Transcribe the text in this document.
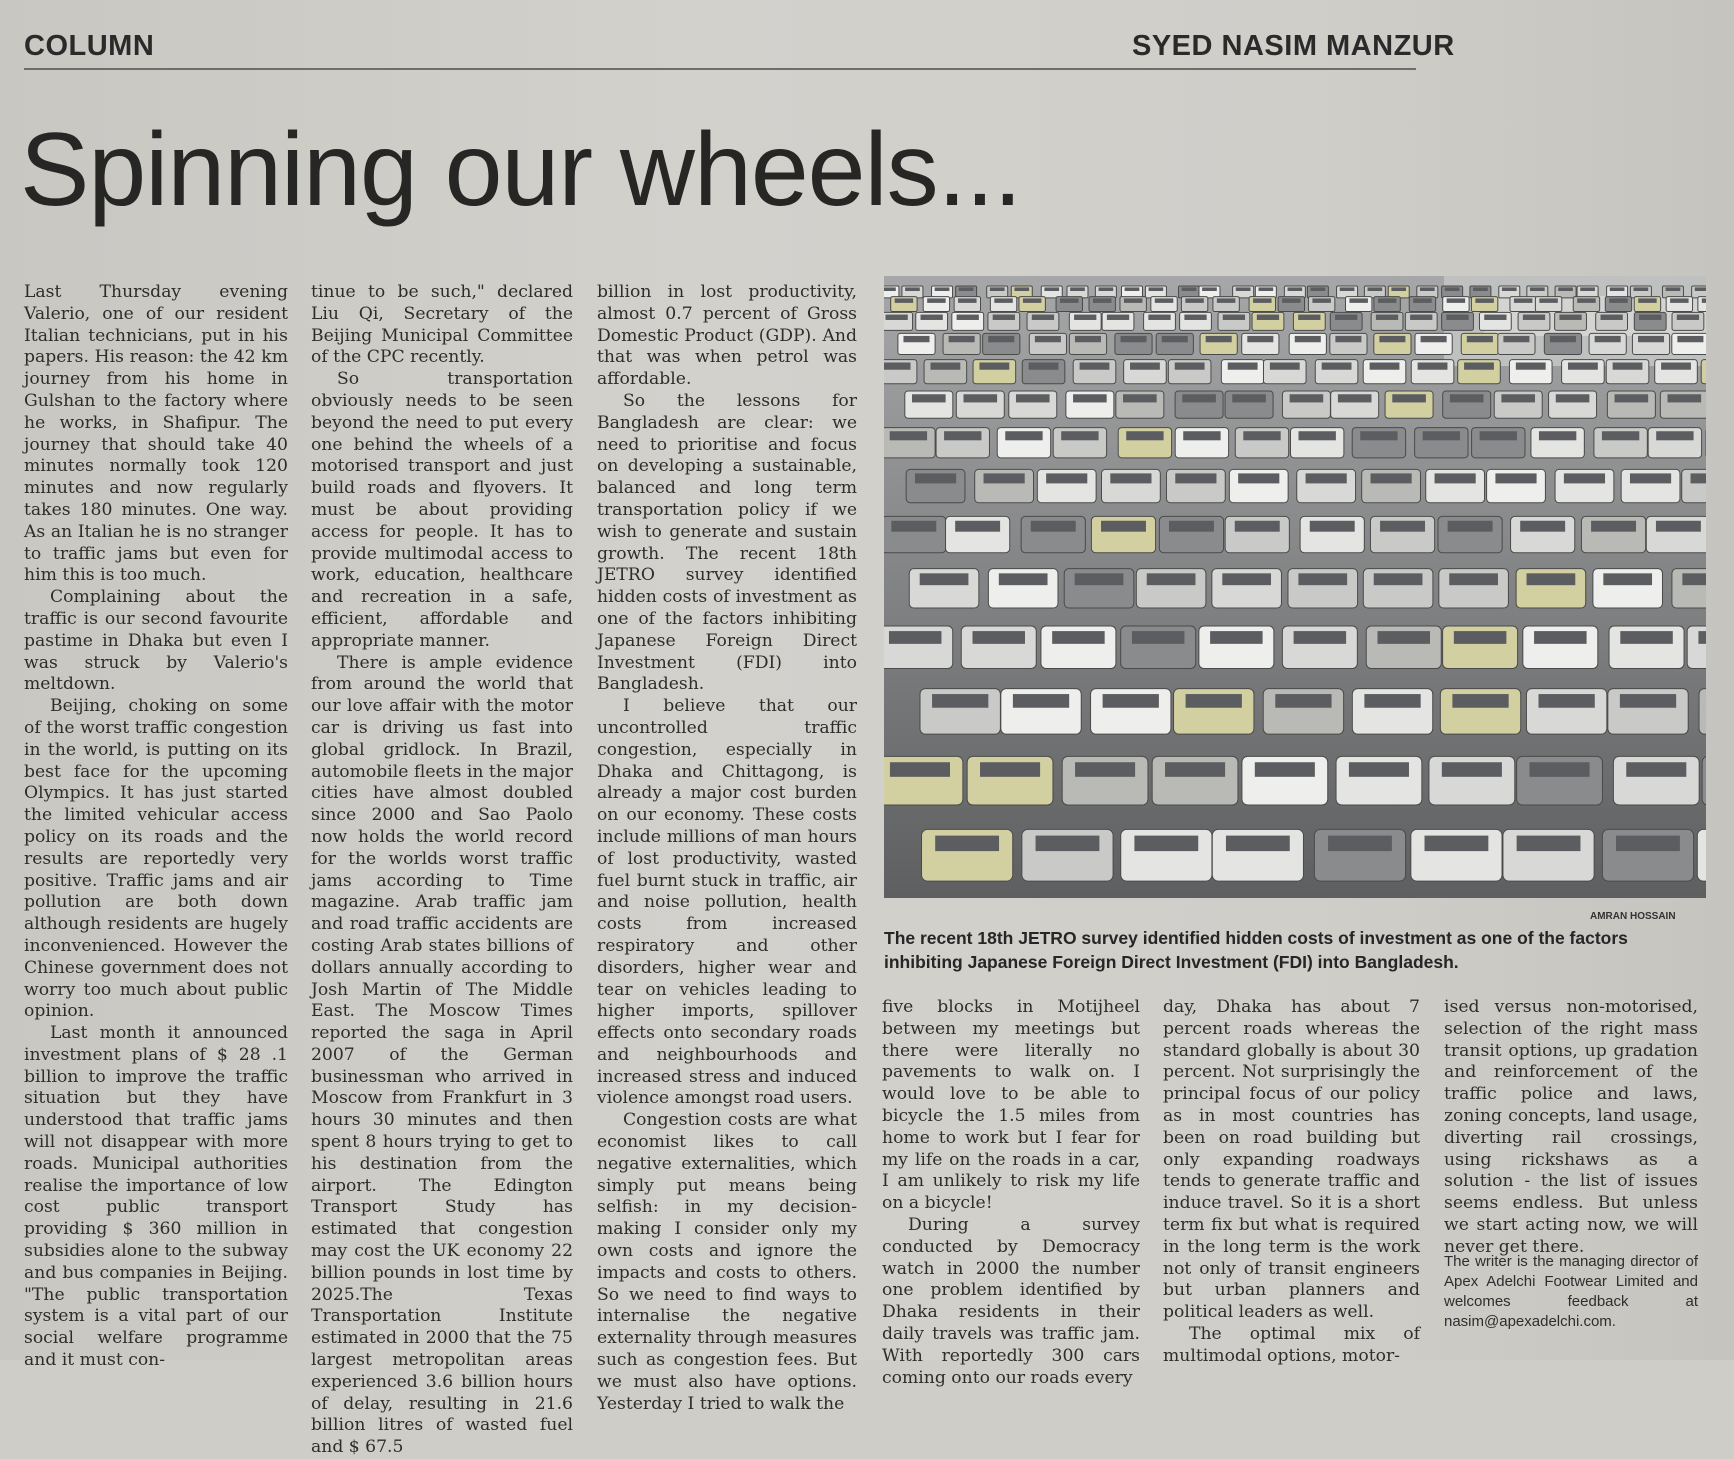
COLUMN	SYED NASIM MANZUR
Spinning our wheels...

Last Thursday evening Valerio, one of our resident Italian technicians, put in his papers. His reason: the 42 km journey from his home in Gulshan to the factory where he works, in Shafipur. The journey that should take 40 minutes normally took 120 minutes and now regularly takes 180 minutes. One way. As an Italian he is no stranger to traffic jams but even for him this is too much.

Complaining about the traffic is our second favourite pastime in Dhaka but even I was struck by Valerio's meltdown.

Beijing, choking on some of the worst traffic congestion in the world, is putting on its best face for the upcoming Olympics. It has just started the limited vehicular access policy on its roads and the results are reportedly very positive. Traffic jams and air pollution are both down although residents are hugely inconvenienced. However the Chinese government does not worry too much about public opinion.

Last month it announced investment plans of $ 28 .1 billion to improve the traffic situation but they have understood that traffic jams will not disappear with more roads. Municipal authorities realise the importance of low cost public transport providing $ 360 million in subsidies alone to the subway and bus companies in Beijing. "The public transportation system is a vital part of our social welfare programme and it must con-

tinue to be such," declared Liu Qi, Secretary of the Beijing Municipal Committee of the CPC recently.

So transportation obviously needs to be seen beyond the need to put every one behind the wheels of a motorised transport and just build roads and flyovers. It must be about providing access for people. It has to provide multimodal access to work, education, healthcare and recreation in a safe, efficient, affordable and appropriate manner.

There is ample evidence from around the world that our love affair with the motor car is driving us fast into global gridlock. In Brazil, automobile fleets in the major cities have almost doubled since 2000 and Sao Paolo now holds the world record for the worlds worst traffic jams according to Time magazine. Arab traffic jam and road traffic accidents are costing Arab states billions of dollars annually according to Josh Martin of The Middle East. The Moscow Times reported the saga in April 2007 of the German businessman who arrived in Moscow from Frankfurt in 3 hours 30 minutes and then spent 8 hours trying to get to his destination from the airport. The Edington Transport Study has estimated that congestion may cost the UK economy 22 billion pounds in lost time by 2025.The Texas Transportation Institute estimated in 2000 that the 75 largest metropolitan areas experienced 3.6 billion hours of delay, resulting in 21.6 billion litres of wasted fuel and $ 67.5

billion in lost productivity, almost 0.7 percent of Gross Domestic Product (GDP). And that was when petrol was affordable.

So the lessons for Bangladesh are clear: we need to prioritise and focus on developing a sustainable, balanced and long term transportation policy if we wish to generate and sustain growth. The recent 18th JETRO survey identified hidden costs of investment as one of the factors inhibiting Japanese Foreign Direct Investment (FDI) into Bangladesh.

I believe that our uncontrolled traffic congestion, especially in Dhaka and Chittagong, is already a major cost burden on our economy. These costs include millions of man hours of lost productivity, wasted fuel burnt stuck in traffic, air and noise pollution, health costs from increased respiratory and other disorders, higher wear and tear on vehicles leading to higher imports, spillover effects onto secondary roads and neighbourhoods and increased stress and induced violence amongst road users.

Congestion costs are what economist likes to call negative externalities, which simply put means being selfish: in my decision-making I consider only my own costs and ignore the impacts and costs to others. So we need to find ways to internalise the negative externality through measures such as congestion fees. But we must also have options. Yesterday I tried to walk the

AMRAN HOSSAIN
The recent 18th JETRO survey identified hidden costs of investment as one of the factors inhibiting Japanese Foreign Direct Investment (FDI) into Bangladesh.

five blocks in Motijheel between my meetings but there were literally no pavements to walk on. I would love to be able to bicycle the 1.5 miles from home to work but I fear for my life on the roads in a car, I am unlikely to risk my life on a bicycle!

During a survey conducted by Democracy watch in 2000 the number one problem identified by Dhaka residents in their daily travels was traffic jam. With reportedly 300 cars coming onto our roads every

day, Dhaka has about 7 percent roads whereas the standard globally is about 30 percent. Not surprisingly the principal focus of our policy as in most countries has been on road building but only expanding roadways tends to generate traffic and induce travel. So it is a short term fix but what is required in the long term is the work not only of transit engineers but urban planners and political leaders as well.

The optimal mix of multimodal options, motor-

ised versus non-motorised, selection of the right mass transit options, up gradation and reinforcement of the traffic police and laws, zoning concepts, land usage, diverting rail crossings, using rickshaws as a solution - the list of issues seems endless. But unless we start acting now, we will never get there.

The writer is the managing director of Apex Adelchi Footwear Limited and welcomes feedback at nasim@apexadelchi.com.
